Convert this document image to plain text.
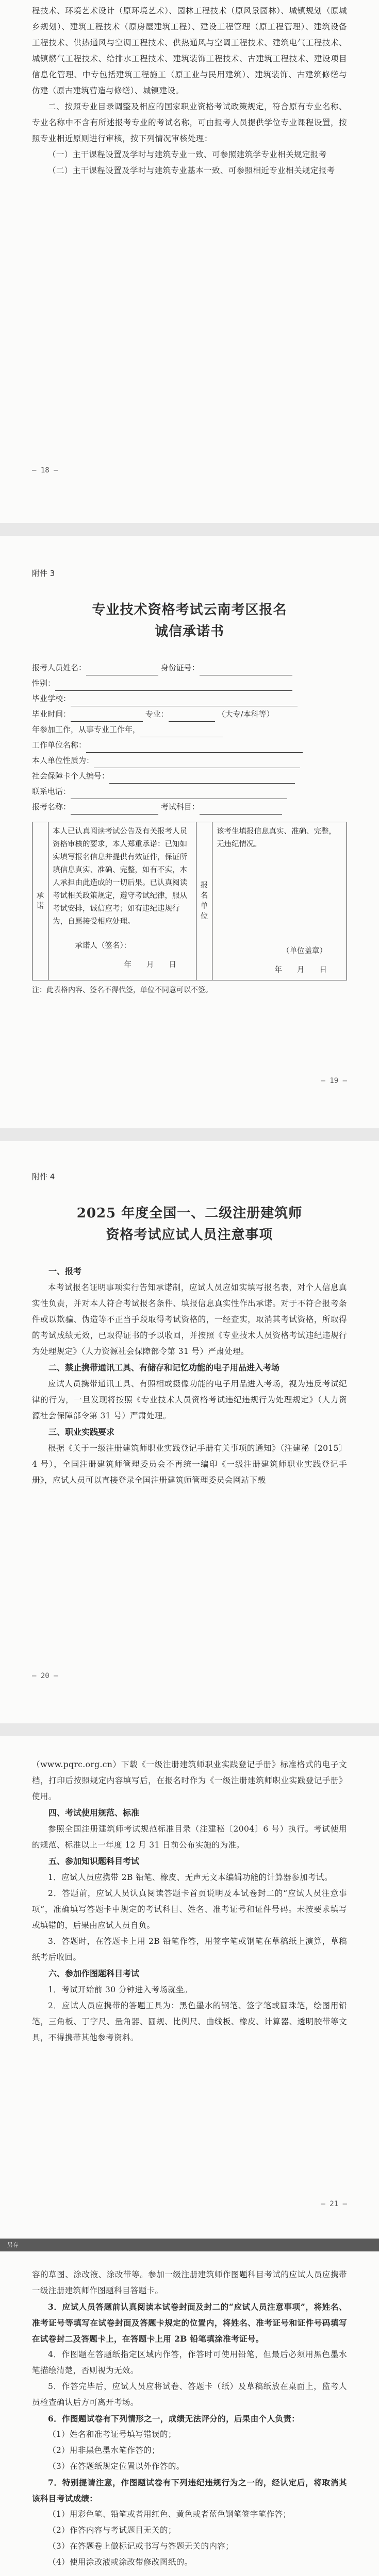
程技术、环境艺术设计（原环境艺术）、园林工程技术（原风景园林）、城镇规划（原城乡规划）、建筑工程技术（原房屋建筑工程）、建设工程管理（原工程管理）、建筑设备工程技术、供热通风与空调工程技术、供热通风与空调工程技术、建筑电气工程技术、城镇燃气工程技术、给排水工程技术、建筑装饰工程技术、古建筑工程技术、建设项目信息化管理、中专包括建筑工程施工（原工业与民用建筑）、建筑装饰、古建筑修缮与仿建（原古建筑营造与修缮）、城镇建设。

二、按照专业目录调整及相应的国家职业资格考试政策规定，符合原有专业名称、专业名称中不含有所述报考专业的考试名称，可由报考人员提供学位专业课程设置，按照专业相近原则进行审核，按下列情况审核处理：

（一）主干课程设置及学时与建筑专业一致、可参照建筑学专业相关规定报考

（二）主干课程设置及学时与建筑专业基本一致、可参照相近专业相关规定报考

— 18 —
附件 3
专业技术资格考试云南考区报名
诚信承诺书

报考人员姓名：	身份证号：

性别：

毕业学校：

毕业时间：	专业：	（大专/本科等）

年参加工作，从事专业工作年，

工作单位名称：

本人单位性质为：

社会保障卡个人编号：

联系电话：

报考名称：	考试科目：

承诺	
本人已认真阅读考试公告及有关报考人员资格审核的要求，本人郑重承诺：已知如实填写报名信息并提供有效证件，保证所填信息真实、准确、完整，如有不实，本人承担由此造成的一切后果。已认真阅读考试相关政策规定，遵守考试纪律，服从考试安排，诚信应考；如有违纪违规行为，自愿接受相应处理。
承诺人（签名）：
年　　月　　日
	报名单位	
该考生填报信息真实、准确、完整，无违纪情况。
（单位盖章）
年　　月　　日

注：此表格内容、签名不得代签，单位不同意可以不签。

— 19 —
附件 4
2025 年度全国一、二级注册建筑师
资格考试应试人员注意事项

一、报考

本考试报名证明事项实行告知承诺制，应试人员应如实填写报名表，对个人信息真实性负责，并对本人符合考试报名条件、填报信息真实性作出承诺。对于不符合报考条件或以欺骗、伪造等不正当手段取得考试资格的，一经查实，取消其考试资格，所取得的考试成绩无效，已取得证书的予以收回，并按照《专业技术人员资格考试违纪违规行为处理规定》（人力资源社会保障部令第 31 号）严肃处理。

二、禁止携带通讯工具、有储存和记忆功能的电子用品进入考场

应试人员携带通讯工具、有照相或摄像功能的电子用品进入考场，视为违反考试纪律的行为，一旦发现将按照《专业技术人员资格考试违纪违规行为处理规定》（人力资源社会保障部令第 31 号）严肃处理。

三、职业实践要求

根据《关于一级注册建筑师职业实践登记手册有关事项的通知》（注建秘〔2015〕4 号），全国注册建筑师管理委员会不再统一编印《一级注册建筑师职业实践登记手册》，应试人员可以直接登录全国注册建筑师管理委员会网站下载

— 20 —

（www.pqrc.org.cn）下载《一级注册建筑师职业实践登记手册》标准格式的电子文档，打印后按照规定内容填写后，在报名时作为《一级注册建筑师职业实践登记手册》使用。

四、考试使用规范、标准

参照全国注册建筑师考试规范标准目录（注建秘〔2004〕6 号）执行。考试使用的规范、标准以上一年度 12 月 31 日前公布实施的为准。

五、参加知识题科目考试

1．应试人员应携带 2B 铅笔、橡皮、无声无文本编辑功能的计算器参加考试。

2．答题前，应试人员认真阅读答题卡首页说明及本试卷封二的“应试人员注意事项”，准确填写答题卡中规定的考试科目、姓名、准考证号和证件号码。未按要求填写或填错的，后果由应试人员自负。

3．答题时，在答题卡上用 2B 铅笔作答，用签字笔或钢笔在草稿纸上演算，草稿纸考后收回。

六、参加作图题科目考试

1．考试开始前 30 分钟进入考场就坐。

2．应试人员应携带的答题工具为：黑色墨水的钢笔、签字笔或圆珠笔，绘图用铅笔，三角板、丁字尺、量角器、圆规、比例尺、曲线板、橡皮、计算器、透明胶带等文具，不得携带其他参考资料。

— 21 —
另存

容的草图、涂改液、涂改带等。参加一级注册建筑师作图题科目考试的应试人员应携带一级注册建筑师作图题科目答题卡。

3．应试人员答题前认真阅读本试卷封面及封二的“应试人员注意事项”，将姓名、准考证号等填写在试卷封面及答题卡规定的位置内，将姓名、准考证号和证件号码填写在试卷封二及答题卡上，在答题卡上用 2B 铅笔填涂准考证号。

4．作图题在答题纸指定区域内作答，作答时可使用铅笔，但最后必须用黑色墨水笔描绘清楚，否则视为无效。

5．作答完毕后，应试人员应将试卷、答题卡（纸）及草稿纸放在桌面上，监考人员检查确认后方可离开考场。

6．作图题试卷有下列情形之一，成绩无法评分的，后果由个人负责：

（1）姓名和准考证号填写错误的；

（2）用非黑色墨水笔作答的；

（3）在答题纸规定位置以外作答的。

7．特别提请注意，作图题试卷有下列违纪违规行为之一的，经认定后，将取消其该科目考试成绩：

（1）用彩色笔、铅笔或者用红色、黄色或者蓝色钢笔签字笔作答；

（2）作答内容与考试题目无关的；

（3）在答题卷上做标记或书写与答题无关的内容；

（4）使用涂改液或涂改带修改图纸的。
